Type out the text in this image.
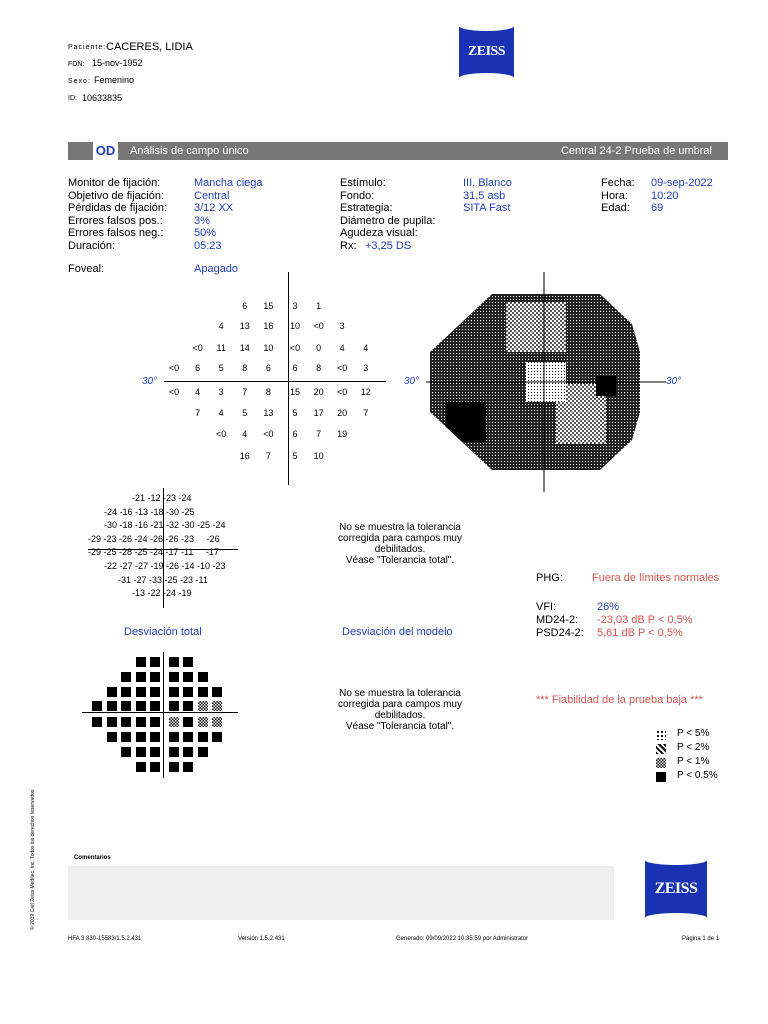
Paciente: CACERES, LIDIA
FDN: 15-nov-1952
Sexo: Femenino
ID: 10633835
ZEISS
OD Análisis de campo único	Central 24-2 Prueba de umbral
Monitor de fijación:	Mancha ciega
Objetivo de fijación:	Central
Pérdidas de fijación: 3/12 XX
Errores falsos pos.:	3%
Errores falsos neg.:	50%
Duración:	05:23
Foveal:	Apagado
Estímulo:	III, Blanco
Fondo:	31,5 asb
Estrategia:	SITA Fast
Diámetro de pupila:
Agudeza visual:
Rx: +3,25 DS
Fecha: 09-sep-2022
Hora: 10:20
Edad: 69
30°	30°	30°
6	15	3	1
4	13	16	10	<0	3
<0	11	14	10	<0	0	4	4
<0	6	5	8	6	6	8	<0	3
<0	4	3	7	8	15	20	<0	12
7	4	5	13	5	17	20	7
<0	4	<0	6	7	19
16	7	5	10
-21 -12 -23 -24
-24 -16 -13 -18 -30 -25
-30 -18 -16 -21 -32 -30 -25 -24
-29 -23 -26 -24 -26 -26 -23     -26
-29 -25 -28 -25 -24 -17 -11     -17
-22 -27 -27 -19 -26 -14 -10 -23
-31 -27 -33 -25 -23 -11
-13 -22 -24 -19
No se muestra la tolerancia
corregida para campos muy
debilitados.
Véase "Tolerancia total".
No se muestra la tolerancia
corregida para campos muy
debilitados.
Véase "Tolerancia total".
Desviación total	Desviación del modelo
PHG:	Fuera de límites normales
VFI:	26%
MD24-2: -23,03 dB P < 0,5%
PSD24-2: 5,61 dB P < 0,5%
*** Fiabilidad de la prueba baja ***
P < 5%
P < 2%
P < 1%
P < 0.5%
© 2019 Carl Zeiss Meditec, Inc. Todos los derechos reservados	Comentarios
ZEISS
HFA 3 830-15583/1.5.2.431	Versión 1.5.2.431	Generado: 09/09/2022 10:35:59 por Administrator	Página 1 de 1
